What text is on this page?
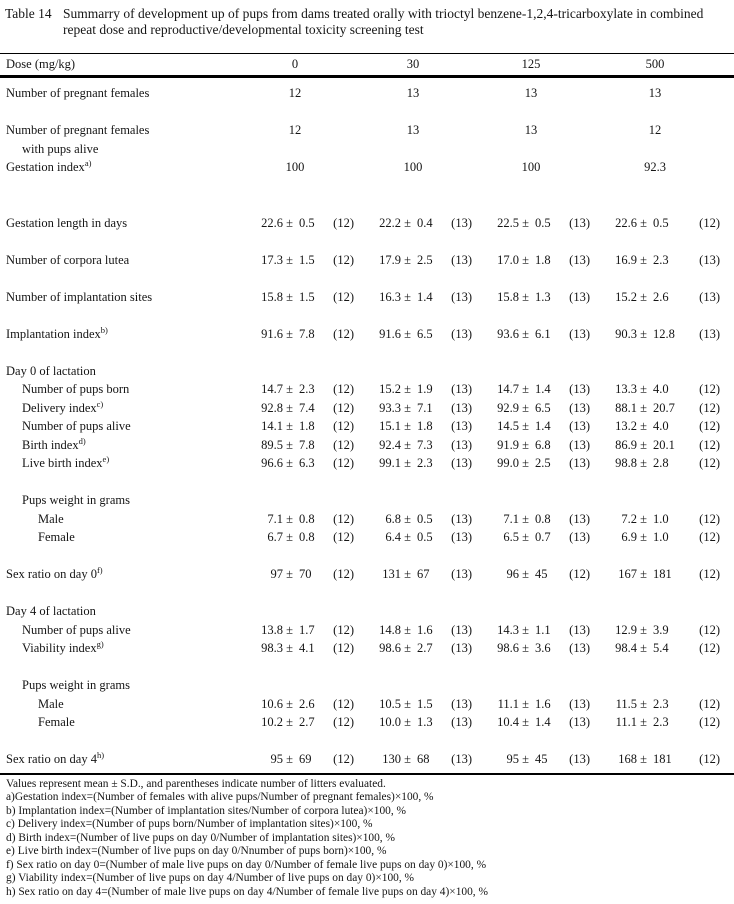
Table 14 Summarry of development up of pups from dams treated orally with trioctyl benzene-1,2,4-tricarboxylate in combined repeat dose and reproductive/developmental toxicity screening test

Dose (mg/kg)	0	30	125	500
Number of pregnant females	12	13	13	13
Number of pregnant females	12	13	13	12
with pups alive
Gestation index$^{a)}$	100	100	100	92.3
Gestation length in days	22.6 ± 0.5	(12)	22.2 ± 0.4	(13)	22.5 ± 0.5	(13)	22.6 ± 0.5	(12)
Number of corpora lutea	17.3 ± 1.5	(12)	17.9 ± 2.5	(13)	17.0 ± 1.8	(13)	16.9 ± 2.3	(13)
Number of implantation sites	15.8 ± 1.5	(12)	16.3 ± 1.4	(13)	15.8 ± 1.3	(13)	15.2 ± 2.6	(13)
Implantation index$^{b)}$	91.6 ± 7.8	(12)	91.6 ± 6.5	(13)	93.6 ± 6.1	(13)	90.3 ± 12.8	(13)
Day 0 of lactation
Number of pups born	14.7 ± 2.3	(12)	15.2 ± 1.9	(13)	14.7 ± 1.4	(13)	13.3 ± 4.0	(12)
Delivery index$^{c)}$	92.8 ± 7.4	(12)	93.3 ± 7.1	(13)	92.9 ± 6.5	(13)	88.1 ± 20.7	(12)
Number of pups alive	14.1 ± 1.8	(12)	15.1 ± 1.8	(13)	14.5 ± 1.4	(13)	13.2 ± 4.0	(12)
Birth index$^{d)}$	89.5 ± 7.8	(12)	92.4 ± 7.3	(13)	91.9 ± 6.8	(13)	86.9 ± 20.1	(12)
Live birth index$^{e)}$	96.6 ± 6.3	(12)	99.1 ± 2.3	(13)	99.0 ± 2.5	(13)	98.8 ± 2.8	(12)
Pups weight in grams
Male	7.1 ± 0.8	(12)	6.8 ± 0.5	(13)	7.1 ± 0.8	(13)	7.2 ± 1.0	(12)
Female	6.7 ± 0.8	(12)	6.4 ± 0.5	(13)	6.5 ± 0.7	(13)	6.9 ± 1.0	(12)
Sex ratio on day 0$^{f)}$	97 ± 70	(12)	131 ± 67	(13)	96 ± 45	(12)	167 ± 181	(12)
Day 4 of lactation
Number of pups alive	13.8 ± 1.7	(12)	14.8 ± 1.6	(13)	14.3 ± 1.1	(13)	12.9 ± 3.9	(12)
Viability index$^{g)}$	98.3 ± 4.1	(12)	98.6 ± 2.7	(13)	98.6 ± 3.6	(13)	98.4 ± 5.4	(12)
Pups weight in grams
Male	10.6 ± 2.6	(12)	10.5 ± 1.5	(13)	11.1 ± 1.6	(13)	11.5 ± 2.3	(12)
Female	10.2 ± 2.7	(12)	10.0 ± 1.3	(13)	10.4 ± 1.4	(13)	11.1 ± 2.3	(12)
Sex ratio on day 4$^{h)}$	95 ± 69	(12)	130 ± 68	(13)	95 ± 45	(13)	168 ± 181	(12)
Values represent mean ± S.D., and parentheses indicate number of litters evaluated.
a)Gestation index=(Number of females with alive pups/Number of pregnant females)×100, %
b) Implantation index=(Number of implantation sites/Number of corpora lutea)×100, %
c) Delivery index=(Number of pups born/Number of implantation sites)×100, %
d) Birth index=(Number of live pups on day 0/Number of implantation sites)×100, %
e) Live birth index=(Number of live pups on day 0/Nnumber of pups born)×100, %
f) Sex ratio on day 0=(Number of male live pups on day 0/Number of female live pups on day 0)×100, %
g) Viability index=(Number of live pups on day 4/Number of live pups on day 0)×100, %
h) Sex ratio on day 4=(Number of male live pups on day 4/Number of female live pups on day 4)×100, %
